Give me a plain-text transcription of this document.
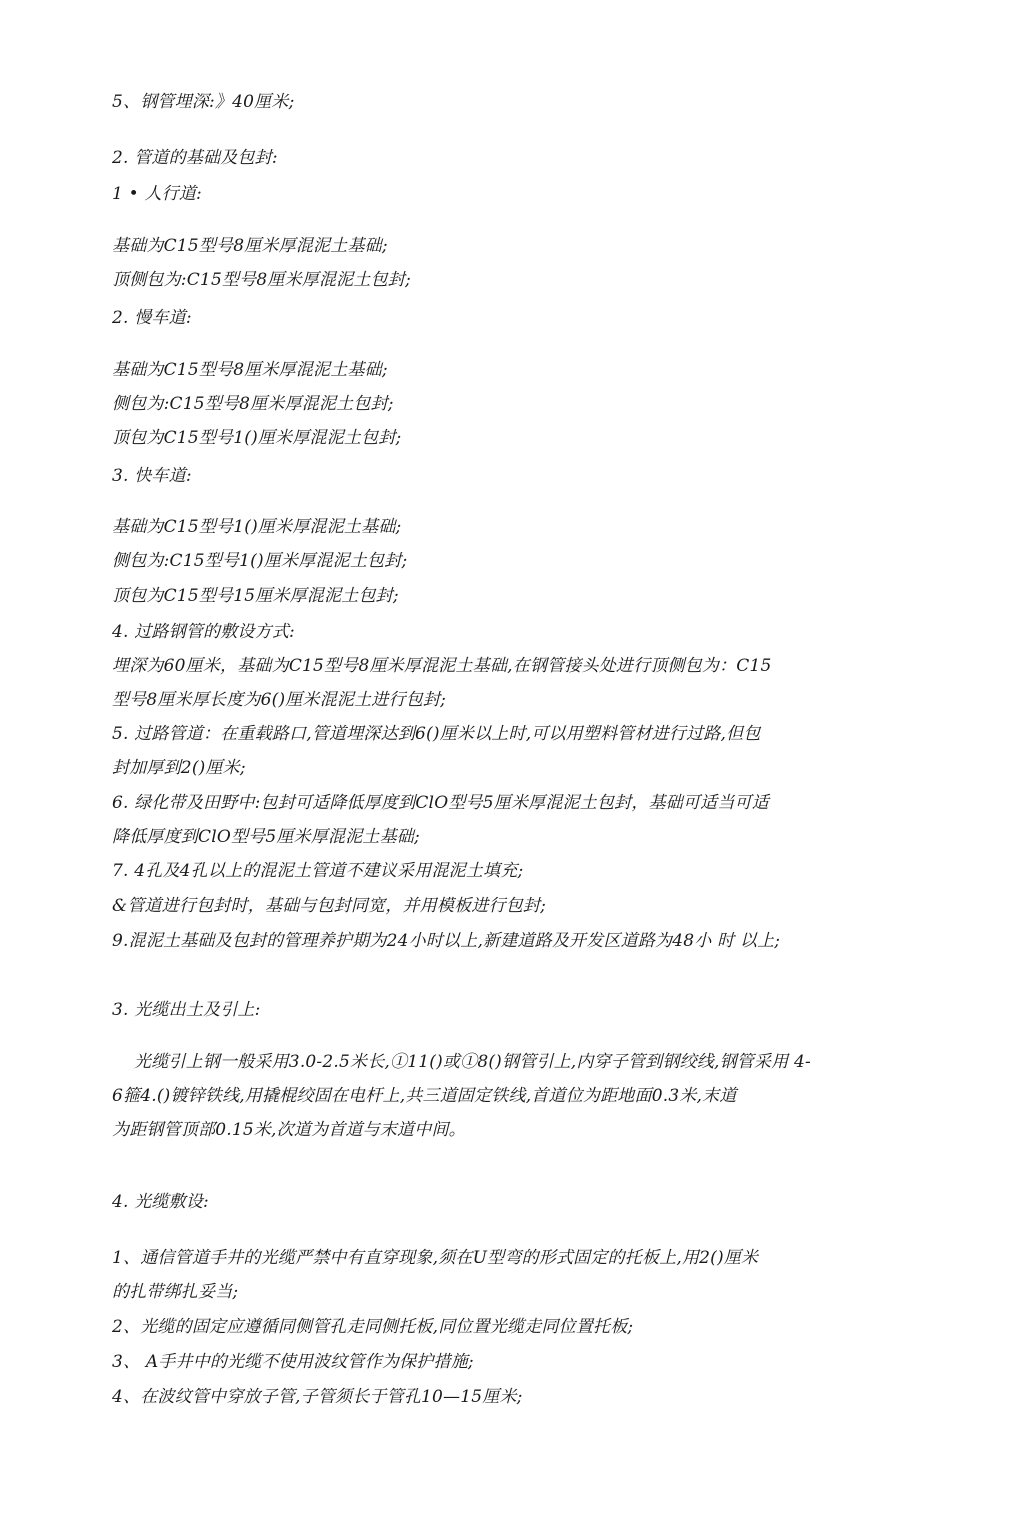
5、钢管埋深:》40厘米;
2. 管道的基础及包封:
1 • 人行道:
基础为C15型号8厘米厚混泥土基础;
顶侧包为:C15型号8厘米厚混泥土包封;
2. 慢车道:
基础为C15型号8厘米厚混泥土基础;
侧包为:C15型号8厘米厚混泥土包封;
顶包为C15型号1()厘米厚混泥土包封;
3. 快车道:
基础为C15型号1()厘米厚混泥土基础;
侧包为:C15型号1()厘米厚混泥土包封;
顶包为C15型号15厘米厚混泥土包封;
4. 过路钢管的敷设方式:
埋深为60厘米，基础为C15型号8厘米厚混泥土基础,在钢管接头处进行顶侧包为：C15
型号8厘米厚长度为6()厘米混泥土进行包封;
5. 过路管道：在重载路口,管道埋深达到6()厘米以上时,可以用塑料管材进行过路,但包
封加厚到2()厘米;
6. 绿化带及田野中:包封可适降低厚度到ClO型号5厘米厚混泥土包封，基础可适当可适
降低厚度到ClO型号5厘米厚混泥土基础;
7. 4孔及4孔以上的混泥土管道不建议采用混泥土填充;
&管道进行包封时，基础与包封同宽，并用模板进行包封;
9.混泥土基础及包封的管理养护期为24小时以上,新建道路及开发区道路为48小 时 以上;
3. 光缆出土及引上:
光缆引上钢一般采用3.0-2.5米长,①11()或①8()钢管引上,内穿子管到钢绞线,钢管采用 4-
6箍4.()镀锌铁线,用撬棍绞固在电杆上,共三道固定铁线,首道位为距地面0.3米,末道
为距钢管顶部0.15米,次道为首道与末道中间。
4. 光缆敷设:
1、通信管道手井的光缆严禁中有直穿现象,须在U型弯的形式固定的托板上,用2()厘米
的扎带绑扎妥当;
2、光缆的固定应遵循同侧管孔走同侧托板,同位置光缆走同位置托板;
3、 A手井中的光缆不使用波纹管作为保护措施;
4、在波纹管中穿放子管,子管须长于管孔10—15厘米;
